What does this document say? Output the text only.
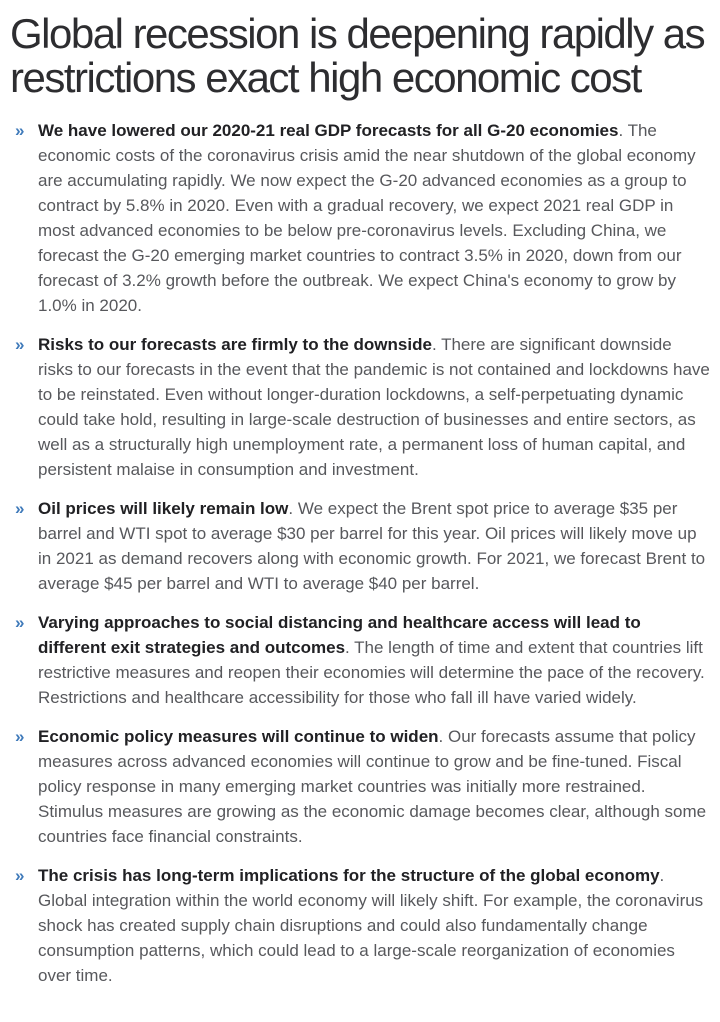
Global recession is deepening rapidly as restrictions exact high economic cost
» We have lowered our 2020-21 real GDP forecasts for all G-20 economies. The economic costs of the coronavirus crisis amid the near shutdown of the global economy are accumulating rapidly. We now expect the G-20 advanced economies as a group to contract by 5.8% in 2020. Even with a gradual recovery, we expect 2021 real GDP in most advanced economies to be below pre-coronavirus levels. Excluding China, we forecast the G-20 emerging market countries to contract 3.5% in 2020, down from our forecast of 3.2% growth before the outbreak. We expect China's economy to grow by 1.0% in 2020.
» Risks to our forecasts are firmly to the downside. There are significant downside risks to our forecasts in the event that the pandemic is not contained and lockdowns have to be reinstated. Even without longer-duration lockdowns, a self-perpetuating dynamic could take hold, resulting in large-scale destruction of businesses and entire sectors, as well as a structurally high unemployment rate, a permanent loss of human capital, and persistent malaise in consumption and investment.
» Oil prices will likely remain low. We expect the Brent spot price to average $35 per barrel and WTI spot to average $30 per barrel for this year. Oil prices will likely move up in 2021 as demand recovers along with economic growth. For 2021, we forecast Brent to average $45 per barrel and WTI to average $40 per barrel.
» Varying approaches to social distancing and healthcare access will lead to different exit strategies and outcomes. The length of time and extent that countries lift restrictive measures and reopen their economies will determine the pace of the recovery. Restrictions and healthcare accessibility for those who fall ill have varied widely.
» Economic policy measures will continue to widen. Our forecasts assume that policy measures across advanced economies will continue to grow and be fine-tuned. Fiscal policy response in many emerging market countries was initially more restrained. Stimulus measures are growing as the economic damage becomes clear, although some countries face financial constraints.
» The crisis has long-term implications for the structure of the global economy. Global integration within the world economy will likely shift. For example, the coronavirus shock has created supply chain disruptions and could also fundamentally change consumption patterns, which could lead to a large-scale reorganization of economies over time.
